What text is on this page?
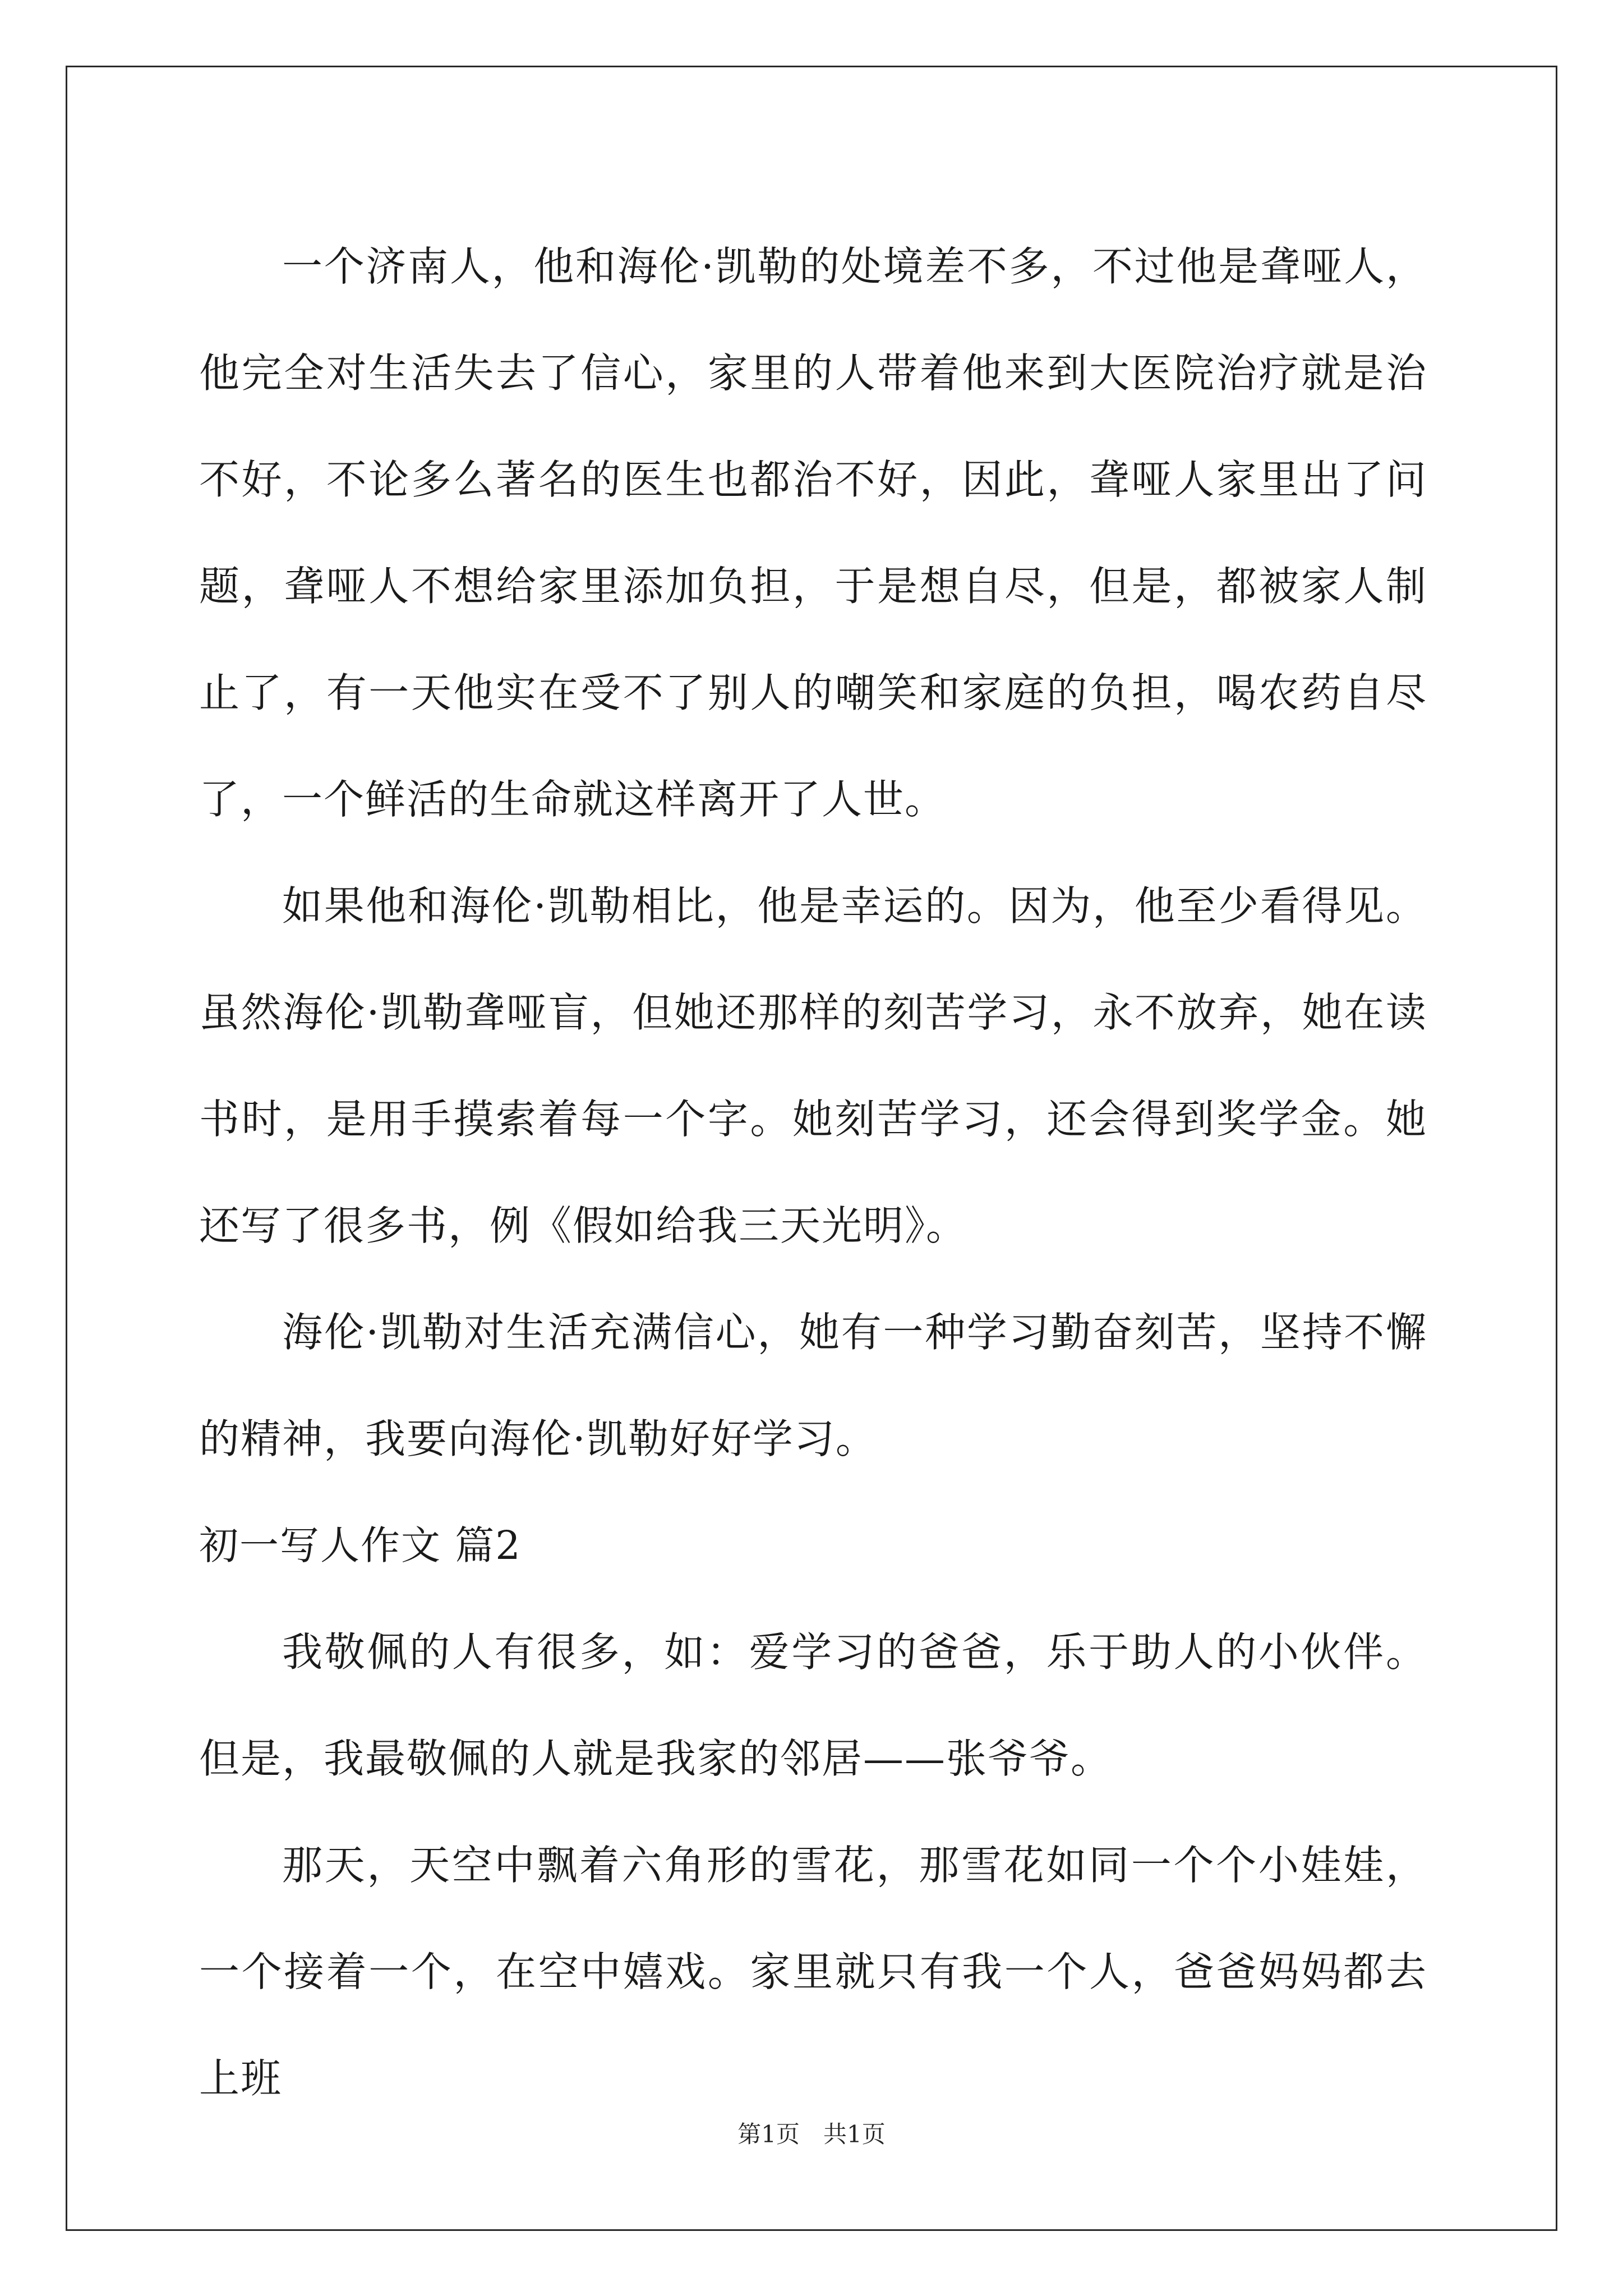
一个济南人，他和海伦·凯勒的处境差不多，不过他是聋哑人，他完全对生活失去了信心，家里的人带着他来到大医院治疗就是治不好，不论多么著名的医生也都治不好，因此，聋哑人家里出了问题，聋哑人不想给家里添加负担，于是想自尽，但是，都被家人制止了，有一天他实在受不了别人的嘲笑和家庭的负担，喝农药自尽了，一个鲜活的生命就这样离开了人世。

如果他和海伦·凯勒相比，他是幸运的。因为，他至少看得见。虽然海伦·凯勒聋哑盲，但她还那样的刻苦学习，永不放弃，她在读书时，是用手摸索着每一个字。她刻苦学习，还会得到奖学金。她还写了很多书，例《假如给我三天光明》。

海伦·凯勒对生活充满信心，她有一种学习勤奋刻苦，坚持不懈的精神，我要向海伦·凯勒好好学习。

初一写人作文 篇2

我敬佩的人有很多，如：爱学习的爸爸，乐于助人的小伙伴。但是，我最敬佩的人就是我家的邻居——张爷爷。

那天，天空中飘着六角形的雪花，那雪花如同一个个小娃娃，一个接着一个，在空中嬉戏。家里就只有我一个人，爸爸妈妈都去上班

第1页　共1页
